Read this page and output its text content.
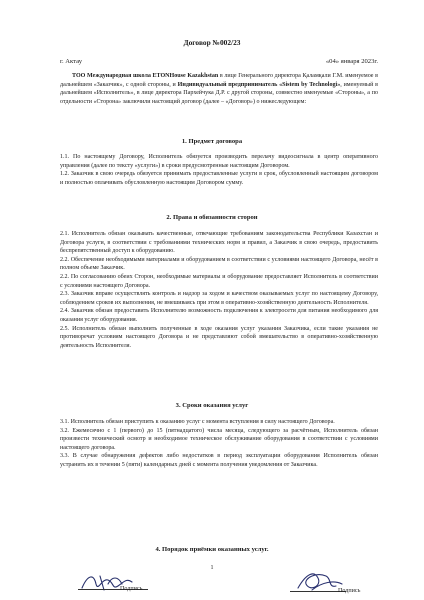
Договор №002/23
г. Актау	«04» января 2023г.

ТОО Международная школа ETONHouse Kazakhstan в лице Генерального директора Қаламқали Г.М. именуемое в дальнейшем «Заказчик», с одной стороны, и Индивидуальный предприниматель «Sistem by Technologi», именуемый в дальнейшем «Исполнитель», в лице директора Пархейчука Д.Р. с другой стороны, совместно именуемые «Стороны», а по отдельности «Сторона» заключили настоящий договор (далее – «Договор») о нижеследующем:

1. Предмет договора

1.1. По настоящему Договору, Исполнитель обязуется производить перелачу видеосигнала в центр оперативного управления (далее по тексту «услуги») в сроки предусмотренные настоящим Договором.

1.2. Заказчик в свою очередь обязуется принимать предоставленные услуги в срок, обусловленный настоящим договором и полностью оплачивать обусловленную настоящим Договором сумму.

2. Права и обязанности сторон

2.1. Исполнитель обязан оказывать качественные, отвечающие требованиям законодательства Республики Казахстан и Договора услуги, в соответствии с требованиями технических норм и правил, а Заказчик в свою очередь, предоставить беспрепятственный доступ к оборудованию.

2.2. Обеспечение необходимыми материалами и оборудованием в соответствии с условиями настоящего Договора, несёт в полном объеме Заказчик.

2.2. По согласованию обеих Сторон, необходимые материалы и оборудование предоставляет Исполнитель в соответствии с условиями настоящего Договора.

2.3. Заказчик вправе осуществлять контроль и надзор за ходом и качеством оказываемых услуг по настоящему Договору, соблюдением сроков их выполнения, не вмешиваясь при этом в оперативно-хозяйственную деятельность Исполнителя.

2.4. Заказчик обязан предоставить Исполнителю возможность подключения к электросети для питания необходимого для оказания услуг оборудования.

2.5. Исполнитель обязан выполнить полученные в ходе оказания услуг указания Заказчика, если такие указания не противоречат условиям настоящего Договора и не представляют собой вмешательство в оперативно-хозяйственную деятельность Исполнителя.

3. Сроки оказания услуг

3.1. Исполнитель обязан приступить к оказанию услуг с момента вступления в силу настоящего Договора.

3.2. Ежемесячно с 1 (первого) до 15 (пятнадцатого) числа месяца, следующего за расчётным, Исполнитель обязан произвести технический осмотр и необходимое техническое обслуживание оборудования в соответствии с условиями настоящего договора.

3.3. В случае обнаружения дефектов либо недостатков в период эксплуатации оборудования Исполнитель обязан устранить их в течении 5 (пяти) календарных дней с момента получения уведомления от Заказчика.

4. Порядок приёмки оказанных услуг.
1
Подпись	Подпись
